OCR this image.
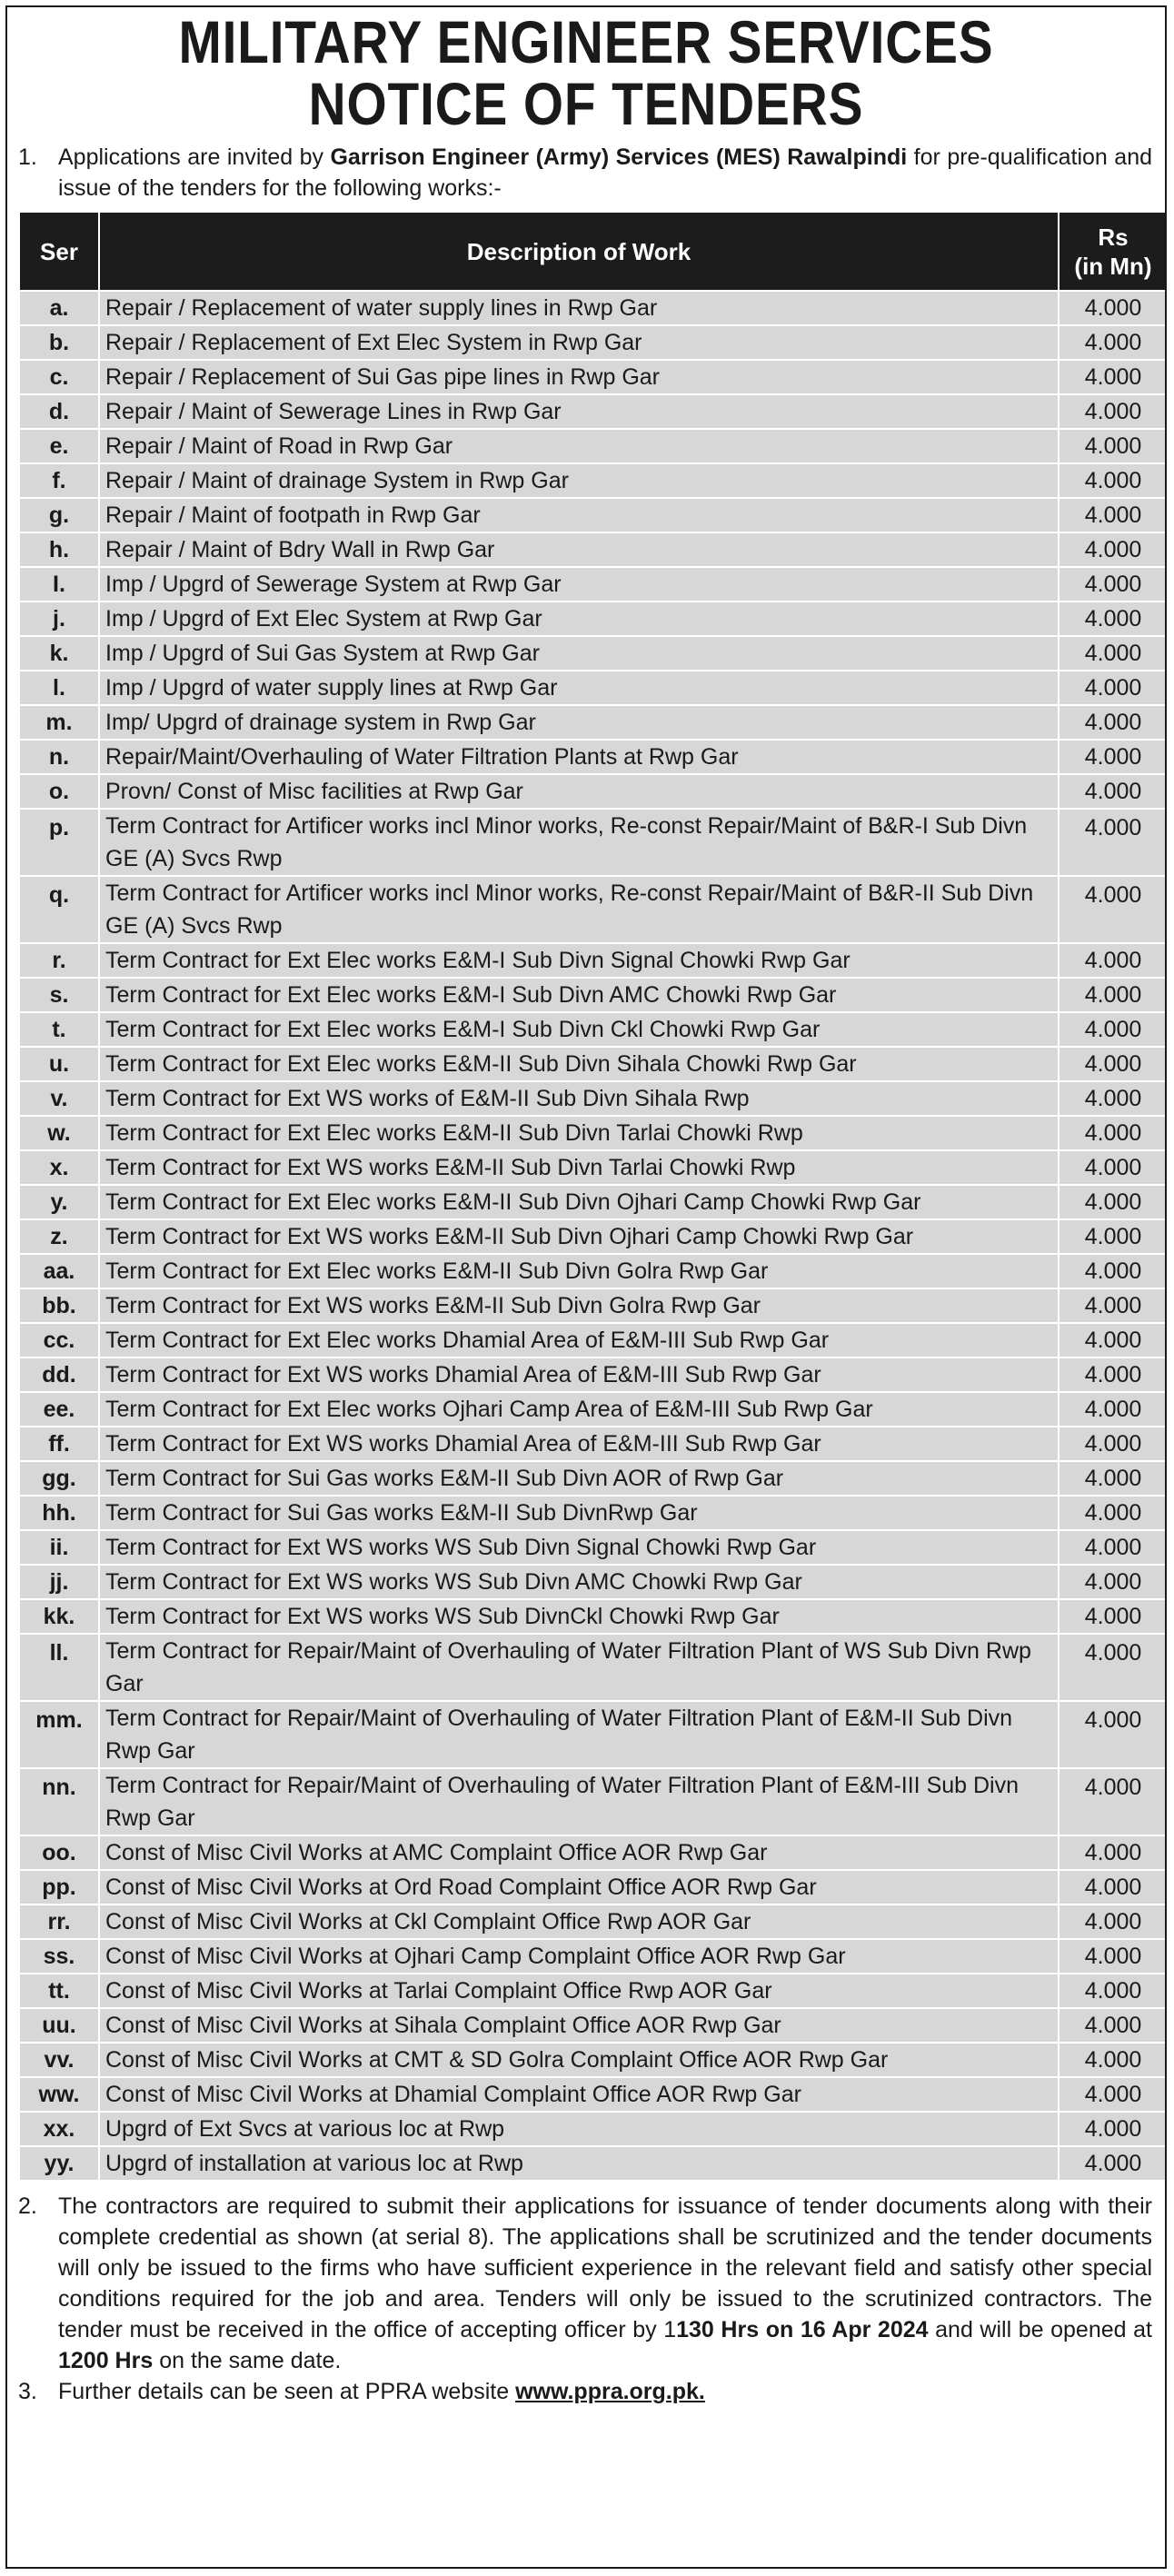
MILITARY ENGINEER SERVICES
NOTICE OF TENDERS
1. Applications are invited by Garrison Engineer (Army) Services (MES) Rawalpindi for pre-qualification and issue of the tenders for the following works:-
Ser	Description of Work	Rs
(in Mn)
a.	Repair / Replacement of water supply lines in Rwp Gar	4.000
b.	Repair / Replacement of Ext Elec System in Rwp Gar	4.000
c.	Repair / Replacement of Sui Gas pipe lines in Rwp Gar	4.000
d.	Repair / Maint of Sewerage Lines in Rwp Gar	4.000
e.	Repair / Maint of Road in Rwp Gar	4.000
f.	Repair / Maint of drainage System in Rwp Gar	4.000
g.	Repair / Maint of footpath in Rwp Gar	4.000
h.	Repair / Maint of Bdry Wall in Rwp Gar	4.000
I.	Imp / Upgrd of Sewerage System at Rwp Gar	4.000
j.	Imp / Upgrd of Ext Elec System at Rwp Gar	4.000
k.	Imp / Upgrd of Sui Gas System at Rwp Gar	4.000
l.	Imp / Upgrd of water supply lines at Rwp Gar	4.000
m.	Imp/ Upgrd of drainage system in Rwp Gar	4.000
n.	Repair/Maint/Overhauling of Water Filtration Plants at Rwp Gar	4.000
o.	Provn/ Const of Misc facilities at Rwp Gar	4.000
p.	Term Contract for Artificer works incl Minor works, Re-const Repair/Maint of B&R-I Sub Divn GE (A) Svcs Rwp	4.000
q.	Term Contract for Artificer works incl Minor works, Re-const Repair/Maint of B&R-II Sub Divn GE (A) Svcs Rwp	4.000
r.	Term Contract for Ext Elec works E&M-I Sub Divn Signal Chowki Rwp Gar	4.000
s.	Term Contract for Ext Elec works E&M-I Sub Divn AMC Chowki Rwp Gar	4.000
t.	Term Contract for Ext Elec works E&M-I Sub Divn Ckl Chowki Rwp Gar	4.000
u.	Term Contract for Ext Elec works E&M-II Sub Divn Sihala Chowki Rwp Gar	4.000
v.	Term Contract for Ext WS works of E&M-II Sub Divn Sihala Rwp	4.000
w.	Term Contract for Ext Elec works E&M-II Sub Divn Tarlai Chowki Rwp	4.000
x.	Term Contract for Ext WS works E&M-II Sub Divn Tarlai Chowki Rwp	4.000
y.	Term Contract for Ext Elec works E&M-II Sub Divn Ojhari Camp Chowki Rwp Gar	4.000
z.	Term Contract for Ext WS works E&M-II Sub Divn Ojhari Camp Chowki Rwp Gar	4.000
aa.	Term Contract for Ext Elec works E&M-II Sub Divn Golra Rwp Gar	4.000
bb.	Term Contract for Ext WS works E&M-II Sub Divn Golra Rwp Gar	4.000
cc.	Term Contract for Ext Elec works Dhamial Area of E&M-III Sub Rwp Gar	4.000
dd.	Term Contract for Ext WS works Dhamial Area of E&M-III Sub Rwp Gar	4.000
ee.	Term Contract for Ext Elec works Ojhari Camp Area of E&M-III Sub Rwp Gar	4.000
ff.	Term Contract for Ext WS works Dhamial Area of E&M-III Sub Rwp Gar	4.000
gg.	Term Contract for Sui Gas works E&M-II Sub Divn AOR of Rwp Gar	4.000
hh.	Term Contract for Sui Gas works E&M-II Sub DivnRwp Gar	4.000
ii.	Term Contract for Ext WS works WS Sub Divn Signal Chowki Rwp Gar	4.000
jj.	Term Contract for Ext WS works WS Sub Divn AMC Chowki Rwp Gar	4.000
kk.	Term Contract for Ext WS works WS Sub DivnCkl Chowki Rwp Gar	4.000
ll.	Term Contract for Repair/Maint of Overhauling of Water Filtration Plant of WS Sub Divn Rwp Gar	4.000
mm.	Term Contract for Repair/Maint of Overhauling of Water Filtration Plant of E&M-II Sub Divn Rwp Gar	4.000
nn.	Term Contract for Repair/Maint of Overhauling of Water Filtration Plant of E&M-III Sub Divn Rwp Gar	4.000
oo.	Const of Misc Civil Works at AMC Complaint Office AOR Rwp Gar	4.000
pp.	Const of Misc Civil Works at Ord Road Complaint Office AOR Rwp Gar	4.000
rr.	Const of Misc Civil Works at Ckl Complaint Office Rwp AOR Gar	4.000
ss.	Const of Misc Civil Works at Ojhari Camp Complaint Office AOR Rwp Gar	4.000
tt.	Const of Misc Civil Works at Tarlai Complaint Office Rwp AOR Gar	4.000
uu.	Const of Misc Civil Works at Sihala Complaint Office AOR Rwp Gar	4.000
vv.	Const of Misc Civil Works at CMT & SD Golra Complaint Office AOR Rwp Gar	4.000
ww.	Const of Misc Civil Works at Dhamial Complaint Office AOR Rwp Gar	4.000
xx.	Upgrd of Ext Svcs at various loc at Rwp	4.000
yy.	Upgrd of installation at various loc at Rwp	4.000
2. The contractors are required to submit their applications for issuance of tender documents along with their complete credential as shown (at serial 8). The applications shall be scrutinized and the tender documents will only be issued to the firms who have sufficient experience in the relevant field and satisfy other special conditions required for the job and area. Tenders will only be issued to the scrutinized contractors. The tender must be received in the office of accepting officer by 1130 Hrs on 16 Apr 2024 and will be opened at 1200 Hrs on the same date.
3. Further details can be seen at PPRA website www.ppra.org.pk.
